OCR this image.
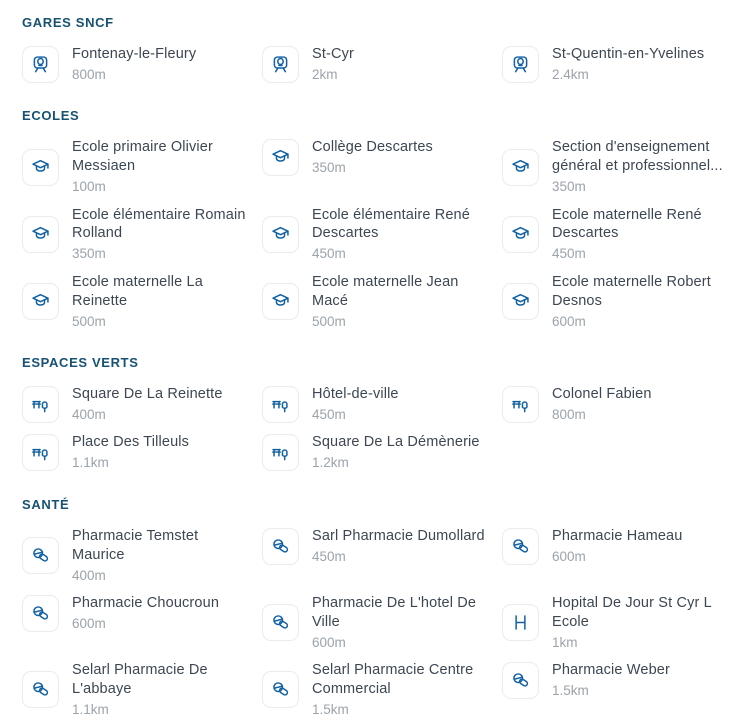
GARES SNCF
Fontenay-le-Fleury
800m
St-Cyr
2km
St-Quentin-en-Yvelines
2.4km
ECOLES
Ecole primaire Olivier Messiaen
100m
Collège Descartes
350m
Section d'enseignement général et professionnel...
350m
Ecole élémentaire Romain Rolland
350m
Ecole élémentaire René Descartes
450m
Ecole maternelle René Descartes
450m
Ecole maternelle La Reinette
500m
Ecole maternelle Jean Macé
500m
Ecole maternelle Robert Desnos
600m
ESPACES VERTS
Square De La Reinette
400m
Hôtel-de-ville
450m
Colonel Fabien
800m
Place Des Tilleuls
1.1km
Square De La Démènerie
1.2km
SANTÉ
Pharmacie Temstet Maurice
400m
Sarl Pharmacie Dumollard
450m
Pharmacie Hameau
600m
Pharmacie Choucroun
600m
Pharmacie De L'hotel De Ville
600m
Hopital De Jour St Cyr L Ecole
1km
Selarl Pharmacie De L'abbaye
1.1km
Selarl Pharmacie Centre Commercial
1.5km
Pharmacie Weber
1.5km
